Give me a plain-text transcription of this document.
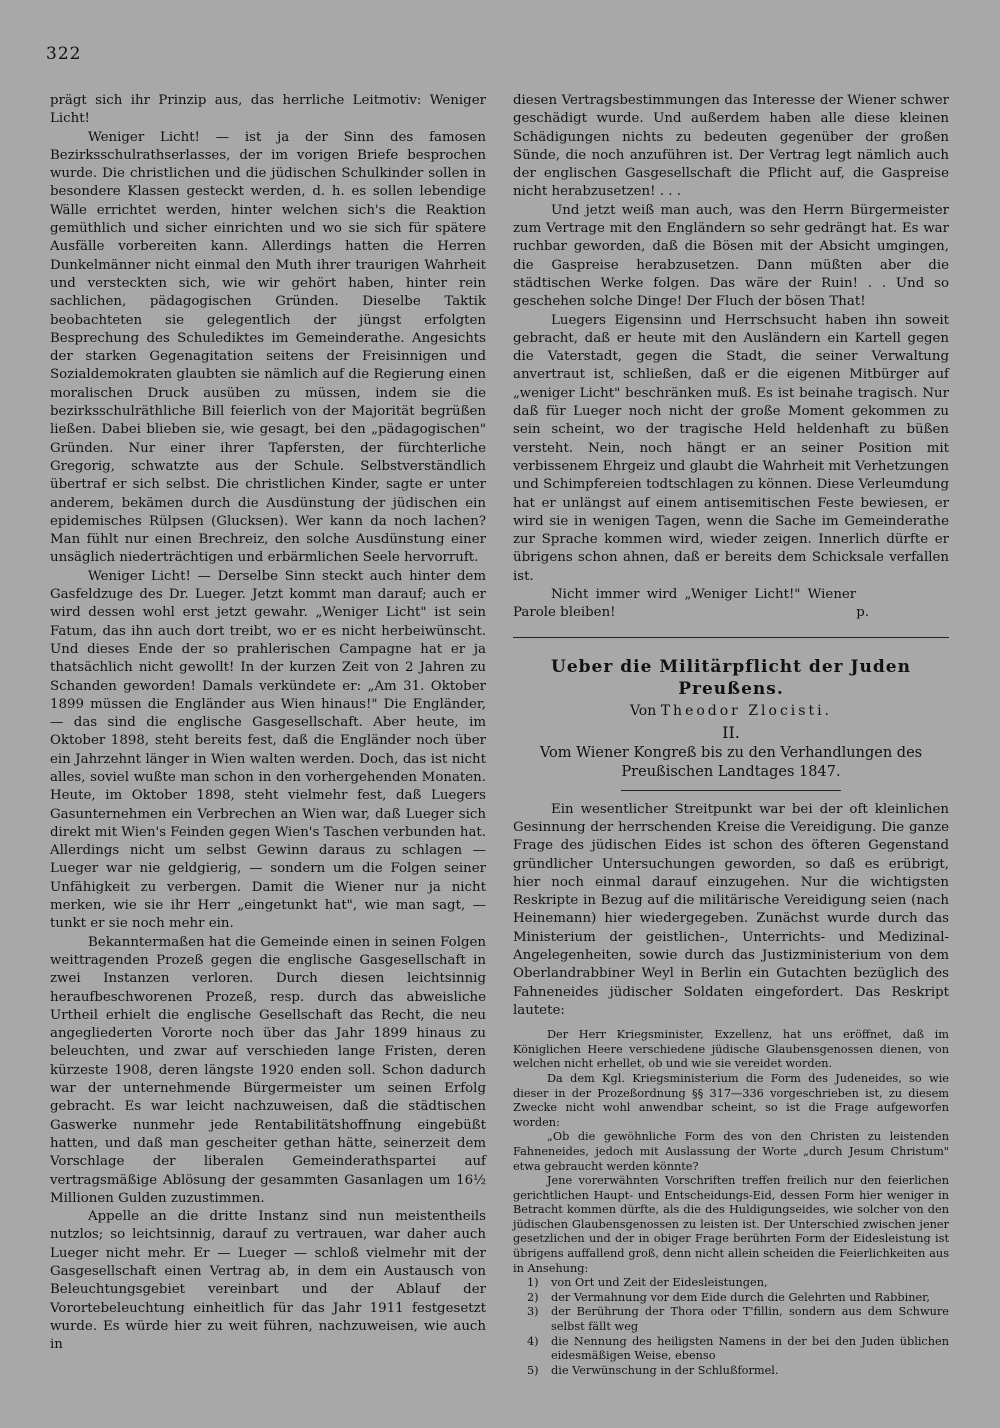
322

prägt sich ihr Prinzip aus, das herrliche Leitmotiv: Weniger Licht!

Weniger Licht! — ist ja der Sinn des famosen Bezirksschulrathserlasses, der im vorigen Briefe besprochen wurde. Die christlichen und die jüdischen Schulkinder sollen in besondere Klassen gesteckt werden, d. h. es sollen lebendige Wälle errichtet werden, hinter welchen sich's die Reaktion gemüthlich und sicher einrichten und wo sie sich für spätere Ausfälle vorbereiten kann. Allerdings hatten die Herren Dunkelmänner nicht einmal den Muth ihrer traurigen Wahrheit und versteckten sich, wie wir gehört haben, hinter rein sachlichen, pädagogischen Gründen. Dieselbe Taktik beobachteten sie gelegentlich der jüngst erfolgten Besprechung des Schulediktes im Gemeinderathe. Angesichts der starken Gegenagitation seitens der Freisinnigen und Sozialdemokraten glaubten sie nämlich auf die Regierung einen moralischen Druck ausüben zu müssen, indem sie die bezirksschulräthliche Bill feierlich von der Majorität begrüßen ließen. Dabei blieben sie, wie gesagt, bei den „pädagogischen" Gründen. Nur einer ihrer Tapfersten, der fürchterliche Gregorig, schwatzte aus der Schule. Selbstverständlich übertraf er sich selbst. Die christlichen Kinder, sagte er unter anderem, bekämen durch die Ausdünstung der jüdischen ein epidemisches Rülpsen (Glucksen). Wer kann da noch lachen? Man fühlt nur einen Brechreiz, den solche Ausdünstung einer unsäglich niederträchtigen und erbärmlichen Seele hervorruft.

Weniger Licht! — Derselbe Sinn steckt auch hinter dem Gasfeldzuge des Dr. Lueger. Jetzt kommt man darauf; auch er wird dessen wohl erst jetzt gewahr. „Weniger Licht" ist sein Fatum, das ihn auch dort treibt, wo er es nicht herbeiwünscht. Und dieses Ende der so prahlerischen Campagne hat er ja thatsächlich nicht gewollt! In der kurzen Zeit von 2 Jahren zu Schanden geworden! Damals verkündete er: „Am 31. Oktober 1899 müssen die Engländer aus Wien hinaus!" Die Engländer, — das sind die englische Gasgesellschaft. Aber heute, im Oktober 1898, steht bereits fest, daß die Engländer noch über ein Jahrzehnt länger in Wien walten werden. Doch, das ist nicht alles, soviel wußte man schon in den vorhergehenden Monaten. Heute, im Oktober 1898, steht vielmehr fest, daß Luegers Gasunternehmen ein Verbrechen an Wien war, daß Lueger sich direkt mit Wien's Feinden gegen Wien's Taschen verbunden hat. Allerdings nicht um selbst Gewinn daraus zu schlagen — Lueger war nie geldgierig, — sondern um die Folgen seiner Unfähigkeit zu verbergen. Damit die Wiener nur ja nicht merken, wie sie ihr Herr „eingetunkt hat", wie man sagt, — tunkt er sie noch mehr ein.

Bekanntermaßen hat die Gemeinde einen in seinen Folgen weittragenden Prozeß gegen die englische Gasgesellschaft in zwei Instanzen verloren. Durch diesen leichtsinnig heraufbeschworenen Prozeß, resp. durch das abweisliche Urtheil erhielt die englische Gesellschaft das Recht, die neu angegliederten Vororte noch über das Jahr 1899 hinaus zu beleuchten, und zwar auf verschieden lange Fristen, deren kürzeste 1908, deren längste 1920 enden soll. Schon dadurch war der unternehmende Bürgermeister um seinen Erfolg gebracht. Es war leicht nachzuweisen, daß die städtischen Gaswerke nunmehr jede Rentabilitätshoffnung eingebüßt hatten, und daß man gescheiter gethan hätte, seinerzeit dem Vorschlage der liberalen Gemeinderathspartei auf vertragsmäßige Ablösung der gesammten Gasanlagen um 16½ Millionen Gulden zuzustimmen.

Appelle an die dritte Instanz sind nun meistentheils nutzlos; so leichtsinnig, darauf zu vertrauen, war daher auch Lueger nicht mehr. Er — Lueger — schloß vielmehr mit der Gasgesellschaft einen Vertrag ab, in dem ein Austausch von Beleuchtungsgebiet vereinbart und der Ablauf der Vorortebeleuchtung einheitlich für das Jahr 1911 festgesetzt wurde. Es würde hier zu weit führen, nachzuweisen, wie auch in

diesen Vertragsbestimmungen das Interesse der Wiener schwer geschädigt wurde. Und außerdem haben alle diese kleinen Schädigungen nichts zu bedeuten gegenüber der großen Sünde, die noch anzuführen ist. Der Vertrag legt nämlich auch der englischen Gasgesellschaft die Pflicht auf, die Gaspreise nicht herabzusetzen! . . .

Und jetzt weiß man auch, was den Herrn Bürgermeister zum Vertrage mit den Engländern so sehr gedrängt hat. Es war ruchbar geworden, daß die Bösen mit der Absicht umgingen, die Gaspreise herabzusetzen. Dann müßten aber die städtischen Werke folgen. Das wäre der Ruin! . . Und so geschehen solche Dinge! Der Fluch der bösen That!

Luegers Eigensinn und Herrschsucht haben ihn soweit gebracht, daß er heute mit den Ausländern ein Kartell gegen die Vaterstadt, gegen die Stadt, die seiner Verwaltung anvertraut ist, schließen, daß er die eigenen Mitbürger auf „weniger Licht" beschränken muß. Es ist beinahe tragisch. Nur daß für Lueger noch nicht der große Moment gekommen zu sein scheint, wo der tragische Held heldenhaft zu büßen versteht. Nein, noch hängt er an seiner Position mit verbissenem Ehrgeiz und glaubt die Wahrheit mit Verhetzungen und Schimpfereien todtschlagen zu können. Diese Verleumdung hat er unlängst auf einem antisemitischen Feste bewiesen, er wird sie in wenigen Tagen, wenn die Sache im Gemeinderathe zur Sprache kommen wird, wieder zeigen. Innerlich dürfte er übrigens schon ahnen, daß er bereits dem Schicksale verfallen ist.

Nicht immer wird „Weniger Licht!" Wiener Parole bleiben!	p.
Ueber die Militärpflicht der Juden Preußens.
Von Theodor Zlocisti.
II.
Vom Wiener Kongreß bis zu den Verhandlungen des Preußischen Landtages 1847.

Ein wesentlicher Streitpunkt war bei der oft kleinlichen Gesinnung der herrschenden Kreise die Vereidigung. Die ganze Frage des jüdischen Eides ist schon des öfteren Gegenstand gründlicher Untersuchungen geworden, so daß es erübrigt, hier noch einmal darauf einzugehen. Nur die wichtigsten Reskripte in Bezug auf die militärische Vereidigung seien (nach Heinemann) hier wiedergegeben. Zunächst wurde durch das Ministerium der geistlichen-, Unterrichts- und Medizinal-Angelegenheiten, sowie durch das Justizministerium von dem Oberlandrabbiner Weyl in Berlin ein Gutachten bezüglich des Fahneneides jüdischer Soldaten eingefordert. Das Reskript lautete:

Der Herr Kriegsminister, Exzellenz, hat uns eröffnet, daß im Königlichen Heere verschiedene jüdische Glaubensgenossen dienen, von welchen nicht erhellet, ob und wie sie vereidet worden.

Da dem Kgl. Kriegsministerium die Form des Judeneides, so wie dieser in der Prozeßordnung §§ 317—336 vorgeschrieben ist, zu diesem Zwecke nicht wohl anwendbar scheint, so ist die Frage aufgeworfen worden:

„Ob die gewöhnliche Form des von den Christen zu leistenden Fahneneides, jedoch mit Auslassung der Worte „durch Jesum Christum" etwa gebraucht werden könnte?

Jene vorerwähnten Vorschriften treffen freilich nur den feierlichen gerichtlichen Haupt- und Entscheidungs-Eid, dessen Form hier weniger in Betracht kommen dürfte, als die des Huldigungseides, wie solcher von den jüdischen Glaubensgenossen zu leisten ist. Der Unterschied zwischen jener gesetzlichen und der in obiger Frage berührten Form der Eidesleistung ist übrigens auffallend groß, denn nicht allein scheiden die Feierlichkeiten aus in Ansehung:

1)	von Ort und Zeit der Eidesleistungen,
2)	der Vermahnung vor dem Eide durch die Gelehrten und Rabbiner,
3)	der Berührung der Thora oder T'fillin, sondern aus dem Schwure selbst fällt weg
4)	die Nennung des heiligsten Namens in der bei den Juden üblichen eidesmäßigen Weise, ebenso
5)	die Verwünschung in der Schlußformel.
